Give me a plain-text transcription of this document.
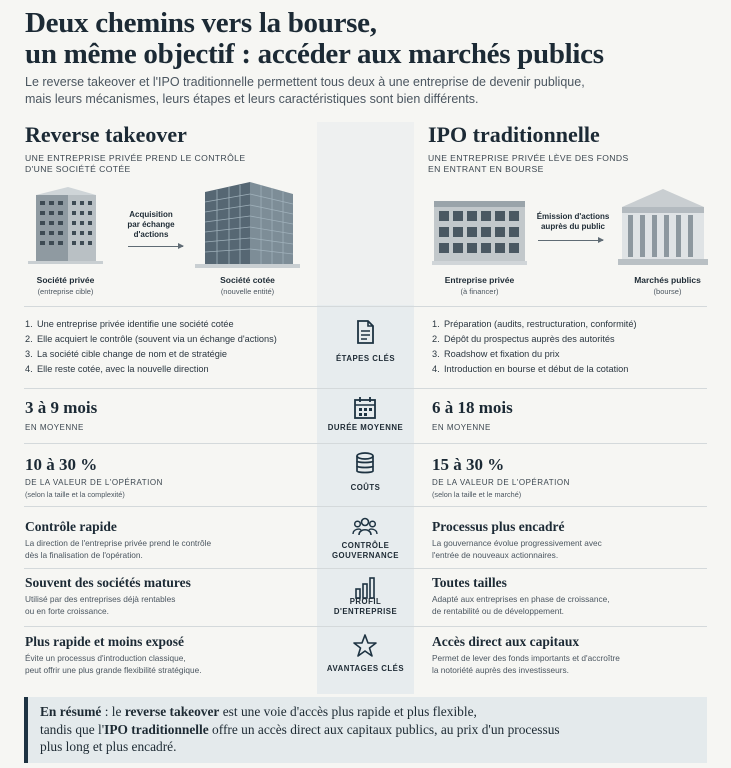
Deux chemins vers la bourse,
un même objectif : accéder aux marchés publics
Le reverse takeover et l'IPO traditionnelle permettent tous deux à une entreprise de devenir publique,
mais leurs mécanismes, leurs étapes et leurs caractéristiques sont bien différents.
Reverse takeover
UNE ENTREPRISE PRIVÉE PREND LE CONTRÔLE
D'UNE SOCIÉTÉ COTÉE
IPO traditionnelle
UNE ENTREPRISE PRIVÉE LÈVE DES FONDS
EN ENTRANT EN BOURSE
Société privée
(entreprise cible)
Acquisition
par échange
d'actions
Société cotée
(nouvelle entité)
Entreprise privée
(à financer)
Émission d'actions
auprès du public
Marchés publics
(bourse)
1. Une entreprise privée identifie une société cotée
2. Elle acquiert le contrôle (souvent via un échange d'actions)
3. La société cible change de nom et de stratégie
4. Elle reste cotée, avec la nouvelle direction
1. Préparation (audits, restructuration, conformité)
2. Dépôt du prospectus auprès des autorités
3. Roadshow et fixation du prix
4. Introduction en bourse et début de la cotation
ÉTAPES CLÉS
DURÉE MOYENNE
COÛTS
CONTRÔLE
GOUVERNANCE
PROFIL
D'ENTREPRISE
AVANTAGES CLÉS
3 à 9 mois
EN MOYENNE
6 à 18 mois
EN MOYENNE
10 à 30 %
DE LA VALEUR DE L'OPÉRATION
(selon la taille et la complexité)
15 à 30 %
DE LA VALEUR DE L'OPÉRATION
(selon la taille et le marché)
Contrôle rapide
La direction de l'entreprise privée prend le contrôle
dès la finalisation de l'opération.
Processus plus encadré
La gouvernance évolue progressivement avec
l'entrée de nouveaux actionnaires.
Souvent des sociétés matures
Utilisé par des entreprises déjà rentables
ou en forte croissance.
Toutes tailles
Adapté aux entreprises en phase de croissance,
de rentabilité ou de développement.
Plus rapide et moins exposé
Évite un processus d'introduction classique,
peut offrir une plus grande flexibilité stratégique.
Accès direct aux capitaux
Permet de lever des fonds importants et d'accroître
la notoriété auprès des investisseurs.
En résumé : le reverse takeover est une voie d'accès plus rapide et plus flexible,
tandis que l'IPO traditionnelle offre un accès direct aux capitaux publics, au prix d'un processus
plus long et plus encadré.
